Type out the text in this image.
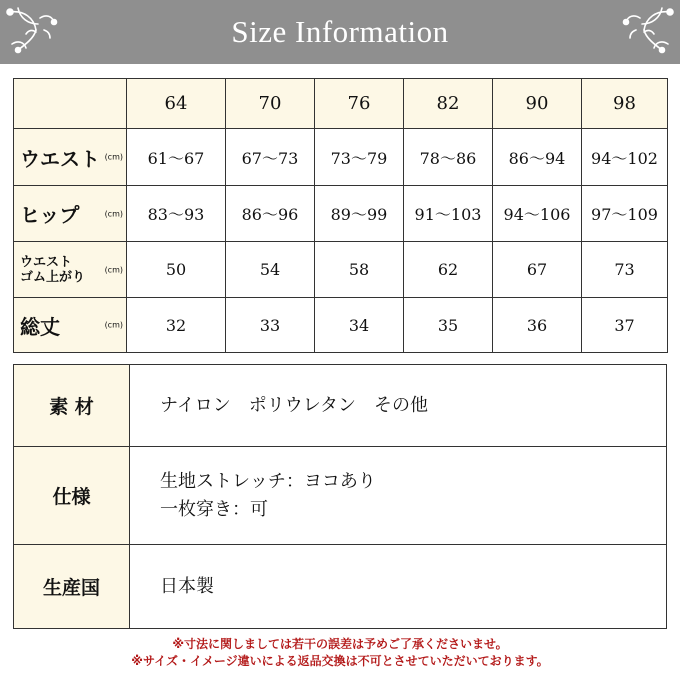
Size Information
	64	70	76	82	90	98
ウエスト (cm)	61〜67	67〜73	73〜79	78〜86	86〜94	94〜102
ヒップ (cm)	83〜93	86〜96	89〜99	91〜103	94〜106	97〜109

ウエスト
ゴム上がり (cm)	50	54	58	62	67	73
総丈 (cm)	32	33	34	35	36	37
素 材	ナイロン　ポリウレタン　その他

仕様	生地ストレッチ：ヨコあり
一枚穿き：可

生産国	日本製
※寸法に関しましては若干の誤差は予めご了承くださいませ。
※サイズ・イメージ違いによる返品交換は不可とさせていただいております。
